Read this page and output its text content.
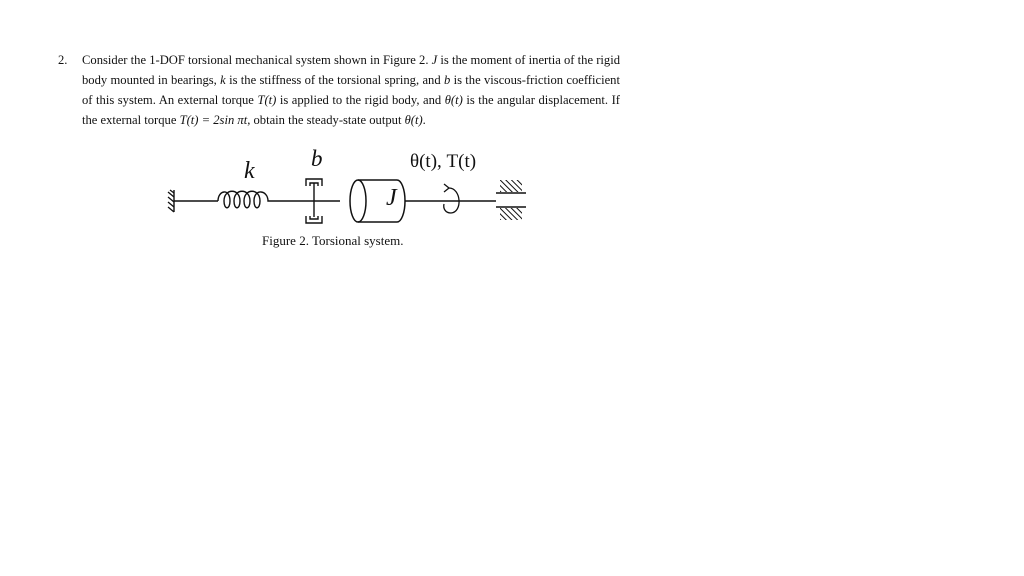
2. Consider the 1-DOF torsional mechanical system shown in Figure 2. J is the moment of inertia of the rigid body mounted in bearings, k is the stiffness of the torsional spring, and b is the viscous-friction coefficient of this system. An external torque T(t) is applied to the rigid body, and θ(t) is the angular displacement. If the external torque T(t) = 2sin πt, obtain the steady-state output θ(t).
k b	θ(t), T(t)
J
Figure 2. Torsional system.
